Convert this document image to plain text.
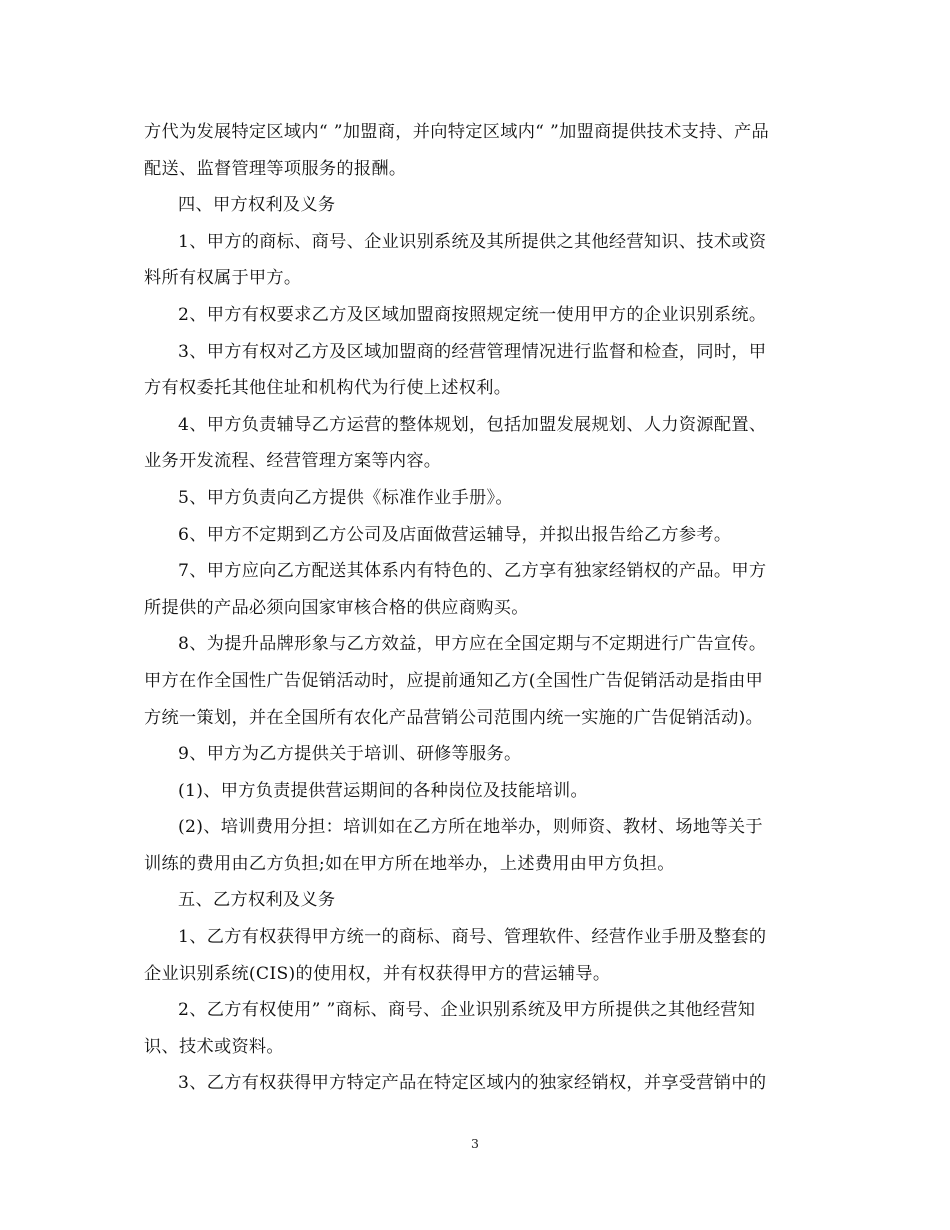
方代为发展特定区域内“ ”加盟商，并向特定区域内“ ”加盟商提供技术支持、产品
配送、监督管理等项服务的报酬。
四、甲方权利及义务
1、甲方的商标、商号、企业识别系统及其所提供之其他经营知识、技术或资
料所有权属于甲方。
2、甲方有权要求乙方及区域加盟商按照规定统一使用甲方的企业识别系统。
3、甲方有权对乙方及区域加盟商的经营管理情况进行监督和检查，同时，甲
方有权委托其他住址和机构代为行使上述权利。
4、甲方负责辅导乙方运营的整体规划，包括加盟发展规划、人力资源配置、
业务开发流程、经营管理方案等内容。
5、甲方负责向乙方提供《标准作业手册》。
6、甲方不定期到乙方公司及店面做营运辅导，并拟出报告给乙方参考。
7、甲方应向乙方配送其体系内有特色的、乙方享有独家经销权的产品。甲方
所提供的产品必须向国家审核合格的供应商购买。
8、为提升品牌形象与乙方效益，甲方应在全国定期与不定期进行广告宣传。
甲方在作全国性广告促销活动时，应提前通知乙方(全国性广告促销活动是指由甲
方统一策划，并在全国所有农化产品营销公司范围内统一实施的广告促销活动)。
9、甲方为乙方提供关于培训、研修等服务。
(1)、甲方负责提供营运期间的各种岗位及技能培训。
(2)、培训费用分担：培训如在乙方所在地举办，则师资、教材、场地等关于
训练的费用由乙方负担;如在甲方所在地举办，上述费用由甲方负担。
五、乙方权利及义务
1、乙方有权获得甲方统一的商标、商号、管理软件、经营作业手册及整套的
企业识别系统(CIS)的使用权，并有权获得甲方的营运辅导。
2、乙方有权使用” ”商标、商号、企业识别系统及甲方所提供之其他经营知
识、技术或资料。
3、乙方有权获得甲方特定产品在特定区域内的独家经销权，并享受营销中的
3
